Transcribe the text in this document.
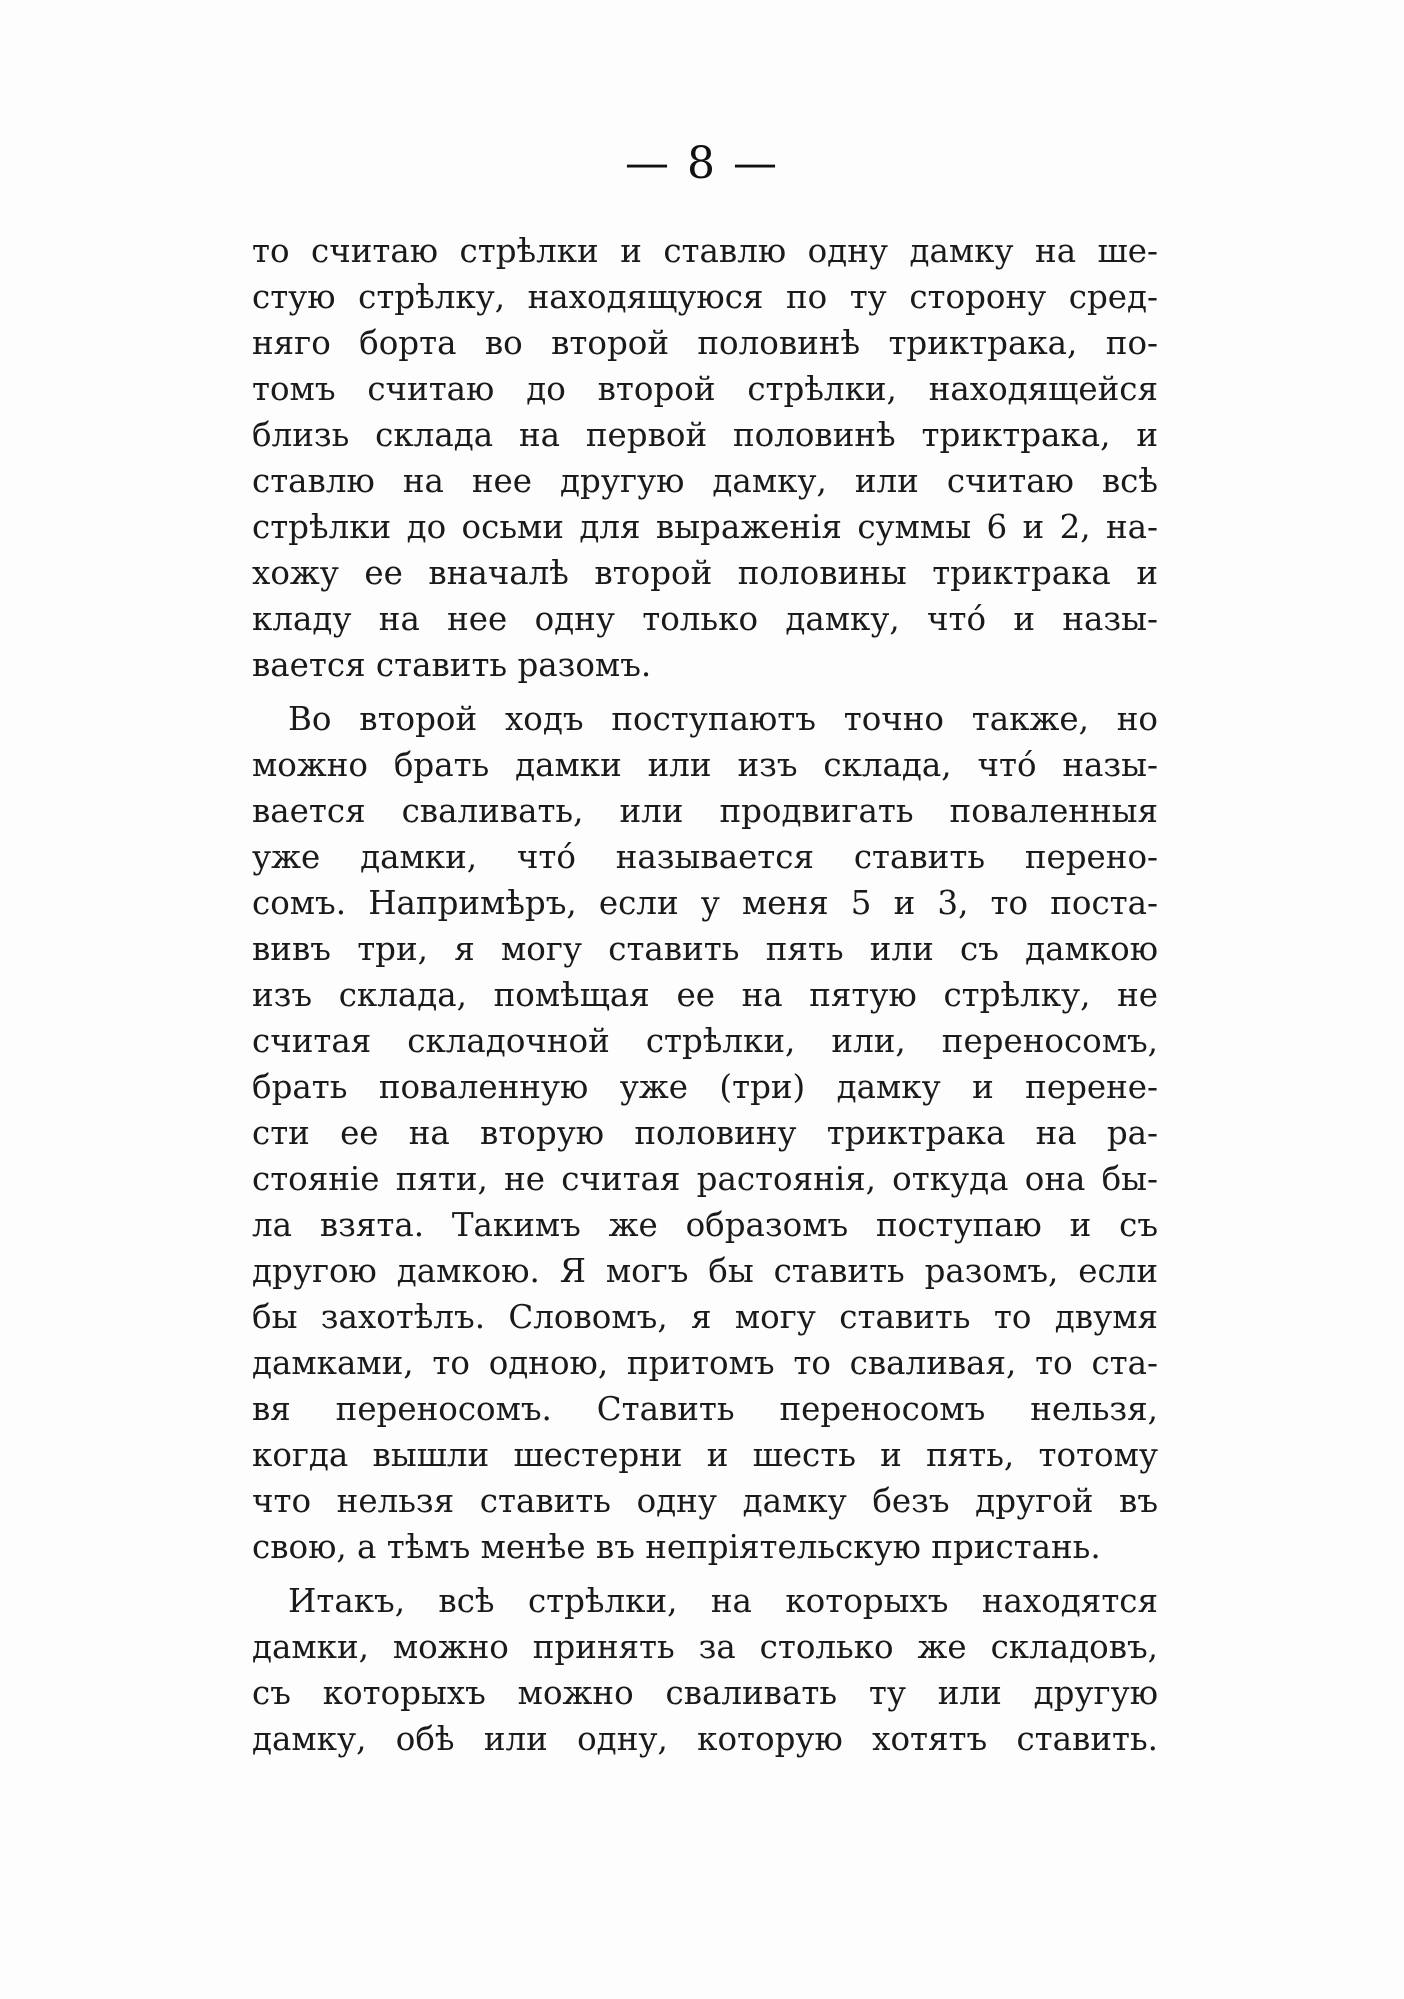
— 8 —
то считаю стрѣлки и ставлю одну дамку на ше-
стую стрѣлку, находящуюся по ту сторону сред-
няго борта во второй половинѣ триктрака, по-
томъ считаю до второй стрѣлки, находящейся
близь склада на первой половинѣ триктрака, и
ставлю на нее другую дамку, или считаю всѣ
стрѣлки до осьми для выраженія суммы 6 и 2, на-
хожу ее вначалѣ второй половины триктрака и
кладу на нее одну только дамку, что́ и назы-
вается ставить разомъ.
Во второй ходъ поступаютъ точно также, но
можно брать дамки или изъ склада, что́ назы-
вается сваливать, или продвигать поваленныя
уже дамки, что́ называется ставить перено-
сомъ. Напримѣръ, если у меня 5 и 3, то поста-
вивъ три, я могу ставить пять или съ дамкою
изъ склада, помѣщая ее на пятую стрѣлку, не
считая складочной стрѣлки, или, переносомъ,
брать поваленную уже (три) дамку и перене-
сти ее на вторую половину триктрака на ра-
стояніе пяти, не считая растоянія, откуда она бы-
ла взята. Такимъ же образомъ поступаю и съ
другою дамкою. Я могъ бы ставить разомъ, если
бы захотѣлъ. Словомъ, я могу ставить то двумя
дамками, то одною, притомъ то сваливая, то ста-
вя переносомъ. Ставить переносомъ нельзя,
когда вышли шестерни и шесть и пять, тотому
что нельзя ставить одну дамку безъ другой въ
свою, а тѣмъ менѣе въ непріятельскую пристань.
Итакъ, всѣ стрѣлки, на которыхъ находятся
дамки, можно принять за столько же складовъ,
съ которыхъ можно сваливать ту или другую
дамку, обѣ или одну, которую хотятъ ставить.
